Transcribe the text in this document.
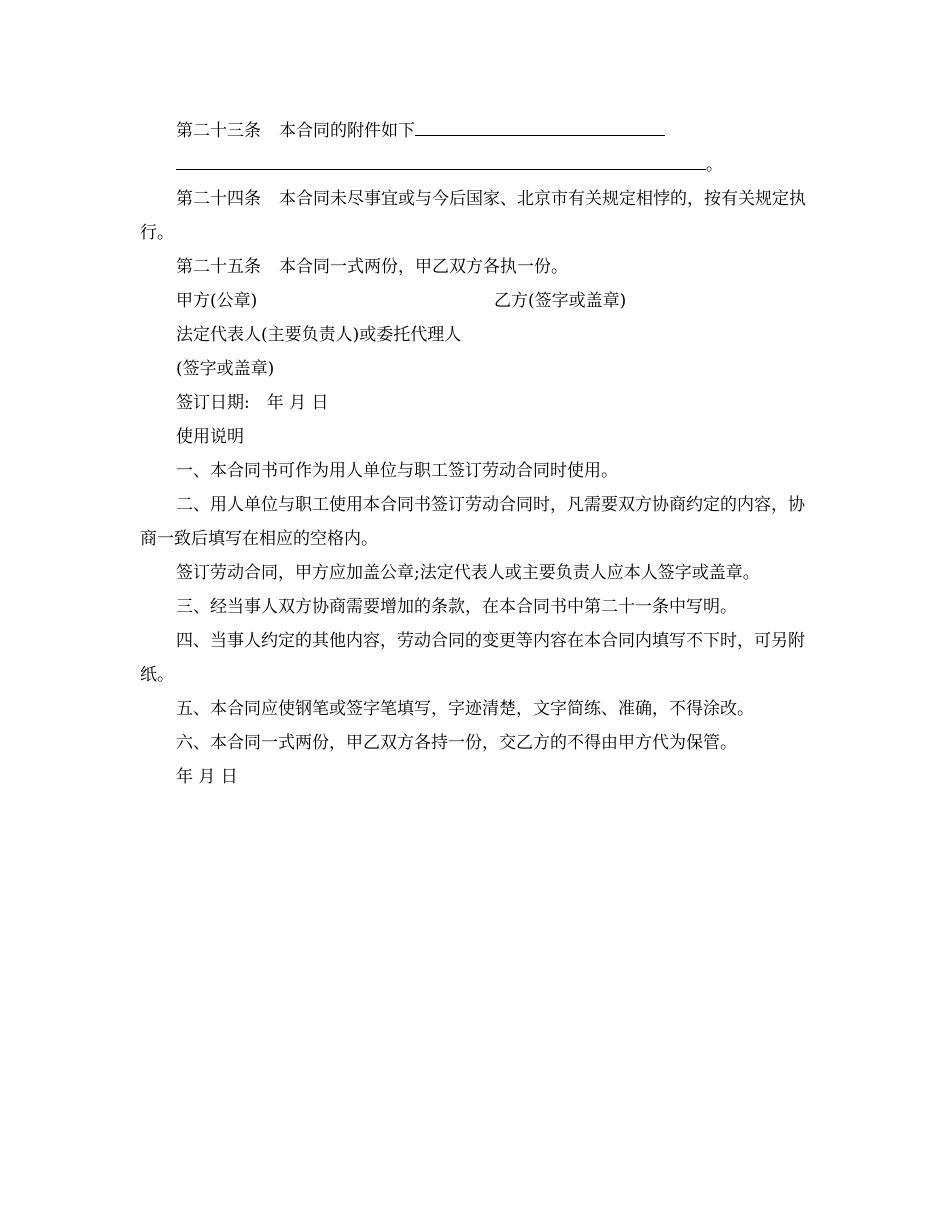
第二十三条 本合同的附件如下
。
第二十四条 本合同未尽事宜或与今后国家、北京市有关规定相悖的，按有关规定执行。
第二十五条 本合同一式两份，甲乙双方各执一份。
甲方(公章)	乙方(签字或盖章)
法定代表人(主要负责人)或委托代理人
(签字或盖章)
签订日期:　年 月 日
使用说明
一、本合同书可作为用人单位与职工签订劳动合同时使用。
二、用人单位与职工使用本合同书签订劳动合同时，凡需要双方协商约定的内容，协商一致后填写在相应的空格内。
签订劳动合同，甲方应加盖公章;法定代表人或主要负责人应本人签字或盖章。
三、经当事人双方协商需要增加的条款，在本合同书中第二十一条中写明。
四、当事人约定的其他内容，劳动合同的变更等内容在本合同内填写不下时，可另附纸。
五、本合同应使钢笔或签字笔填写，字迹清楚，文字简练、准确，不得涂改。
六、本合同一式两份，甲乙双方各持一份，交乙方的不得由甲方代为保管。
年 月 日
